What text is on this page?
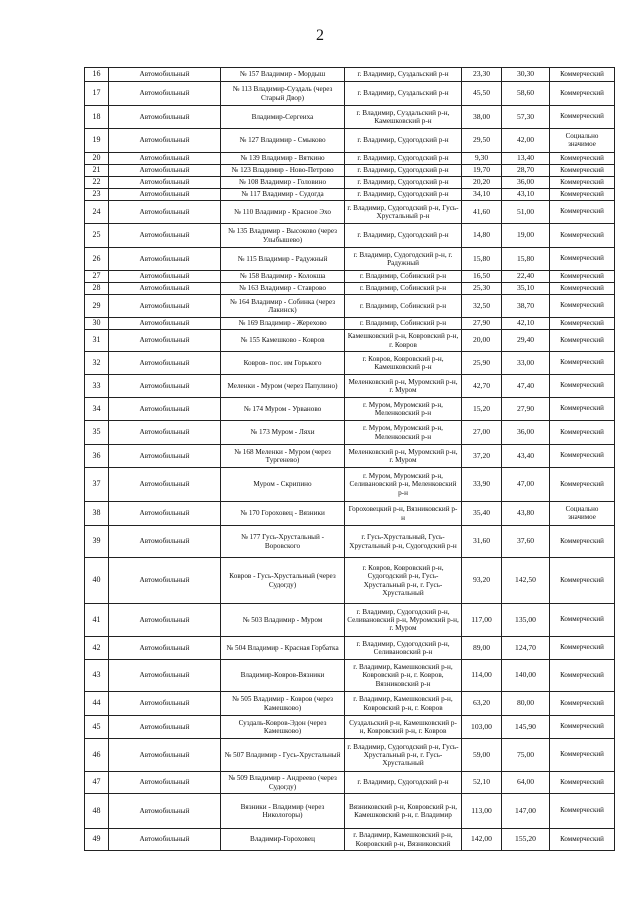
2
16	Автомобильный	№ 157 Владимир - Мордыш	г. Владимир, Суздальский р-н	23,30	30,30	Коммерческий
17	Автомобильный	№ 113 Владимир-Суздаль (через Старый Двор)	г. Владимир, Суздальский р-н	45,50	58,60	Коммерческий
18	Автомобильный	Владимир-Сергеиха	г. Владимир, Суздальский р-н, Камешковский р-н	38,00	57,30	Коммерческий
19	Автомобильный	№ 127 Владимир - Смыково	г. Владимир, Судогодский р-н	29,50	42,00	Социально значимое
20	Автомобильный	№ 139 Владимир - Вяткино	г. Владимир, Судогодский р-н	9,30	13,40	Коммерческий
21	Автомобильный	№ 123 Владимир - Ново-Петрово	г. Владимир, Судогодский р-н	19,70	28,70	Коммерческий
22	Автомобильный	№ 108 Владимир - Головино	г. Владимир, Судогодский р-н	20,20	36,00	Коммерческий
23	Автомобильный	№ 117 Владимир - Судогда	г. Владимир, Судогодский р-н	34,10	43,10	Коммерческий
24	Автомобильный	№ 110 Владимир - Красное Эхо	г. Владимир, Судогодский р-н, Гусь-Хрустальный р-н	41,60	51,00	Коммерческий
25	Автомобильный	№ 135 Владимир - Высоково (через Улыбышево)	г. Владимир, Судогодский р-н	14,80	19,00	Коммерческий
26	Автомобильный	№ 115 Владимир - Радужный	г. Владимир, Судогодский р-н, г. Радужный	15,80	15,80	Коммерческий
27	Автомобильный	№ 158 Владимир - Колокша	г. Владимир, Собинский р-н	16,50	22,40	Коммерческий
28	Автомобильный	№ 163 Владимир - Ставрово	г. Владимир, Собинский р-н	25,30	35,10	Коммерческий
29	Автомобильный	№ 164 Владимир - Собинка (через Лакинск)	г. Владимир, Собинский р-н	32,50	38,70	Коммерческий
30	Автомобильный	№ 169 Владимир - Жерехово	г. Владимир, Собинский р-н	27,90	42,10	Коммерческий
31	Автомобильный	№ 155 Камешково - Ковров	Камешковский р-н, Ковровский р-н, г. Ковров	20,00	29,40	Коммерческий
32	Автомобильный	Ковров- пос. им Горького	г. Ковров, Ковровский р-н, Камешковский р-н	25,90	33,00	Коммерческий
33	Автомобильный	Меленки - Муром (через Папулино)	Меленковский р-н, Муромский р-н, г. Муром	42,70	47,40	Коммерческий
34	Автомобильный	№ 174 Муром - Урваново	г. Муром, Муромский р-н, Меленковский р-н	15,20	27,90	Коммерческий
35	Автомобильный	№ 173 Муром - Ляхи	г. Муром, Муромский р-н, Меленковский р-н	27,00	36,00	Коммерческий
36	Автомобильный	№ 168 Меленки - Муром (через Тургенево)	Меленковский р-н, Муромский р-н, г. Муром	37,20	43,40	Коммерческий
37	Автомобильный	Муром - Скрипино	г. Муром, Муромский р-н, Селивановский р-н, Меленковский р-н	33,90	47,00	Коммерческий
38	Автомобильный	№ 170 Гороховец - Вязники	Гороховецкий р-н, Вязниковский р-н	35,40	43,80	Социально значимое
39	Автомобильный	№ 177 Гусь-Хрустальный - Воровского	г. Гусь-Хрустальный, Гусь-Хрустальный р-н, Судогодский р-н	31,60	37,60	Коммерческий
40	Автомобильный	Ковров - Гусь-Хрустальный (через Судогду)	г. Ковров, Ковровский р-н, Судогодский р-н, Гусь-Хрустальный р-н, г. Гусь-Хрустальный	93,20	142,50	Коммерческий
41	Автомобильный	№ 503 Владимир - Муром	г. Владимир, Судогодский р-н, Селивановский р-н, Муромский р-н, г. Муром	117,00	135,00	Коммерческий
42	Автомобильный	№ 504 Владимир - Красная Горбатка	г. Владимир, Судогодский р-н, Селивановский р-н	89,00	124,70	Коммерческий
43	Автомобильный	Владимир-Ковров-Вязники	г. Владимир, Камешковский р-н, Ковровский р-н, г. Ковров, Вязниковский р-н	114,00	140,00	Коммерческий
44	Автомобильный	№ 505 Владимир - Ковров (через Камешково)	г. Владимир, Камешковский р-н, Ковровский р-н, г. Ковров	63,20	80,00	Коммерческий
45	Автомобильный	Суздаль-Ковров-Эдон (через Камешково)	Суздальский р-н, Камешковский р-н, Ковровский р-н, г. Ковров	103,00	145,90	Коммерческий
46	Автомобильный	№ 507 Владимир - Гусь-Хрустальный	г. Владимир, Судогодский р-н, Гусь-Хрустальный р-н, г. Гусь-Хрустальный	59,00	75,00	Коммерческий
47	Автомобильный	№ 509 Владимир - Андреево (через Судогду)	г. Владимир, Судогодский р-н	52,10	64,00	Коммерческий
48	Автомобильный	Вязники - Владимир (через Никологоры)	Вязниковский р-н, Ковровский р-н, Камешковский р-н, г. Владимир	113,00	147,00	Коммерческий
49	Автомобильный	Владимир-Гороховец	г. Владимир, Камешковский р-н, Ковровский р-н, Вязниковский	142,00	155,20	Коммерческий
